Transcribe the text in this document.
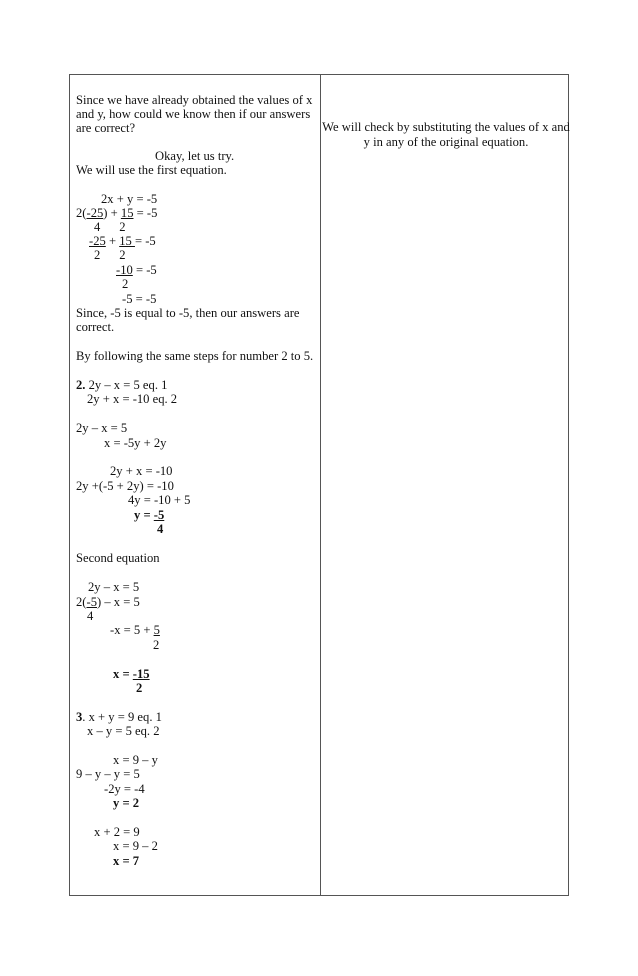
Since we have already obtained the values of x
and y, how could we know then if our answers
are correct?
Okay, let us try.
We will use the first equation.
2x + y = -5
2(-25) + 15 = -5
4      2
-25 + 15 = -5
2      2
-10 = -5
2
-5 = -5
Since, -5 is equal to -5, then our answers are
correct.
By following the same steps for number 2 to 5.
2. 2y – x = 5 eq. 1
2y + x = -10 eq. 2
2y – x = 5
x = -5y + 2y
2y + x = -10
2y +(-5 + 2y) = -10
4y = -10 + 5
y = -5
4
Second equation
2y – x = 5
2(-5) – x = 5
4
-x = 5 + 5
2
x = -15
2
3. x + y = 9 eq. 1
x – y = 5 eq. 2
x = 9 – y
9 – y – y = 5
-2y = -4
y = 2
x + 2 = 9
x = 9 – 2
x = 7
We will check by substituting the values of x and y in any of the original equation.
